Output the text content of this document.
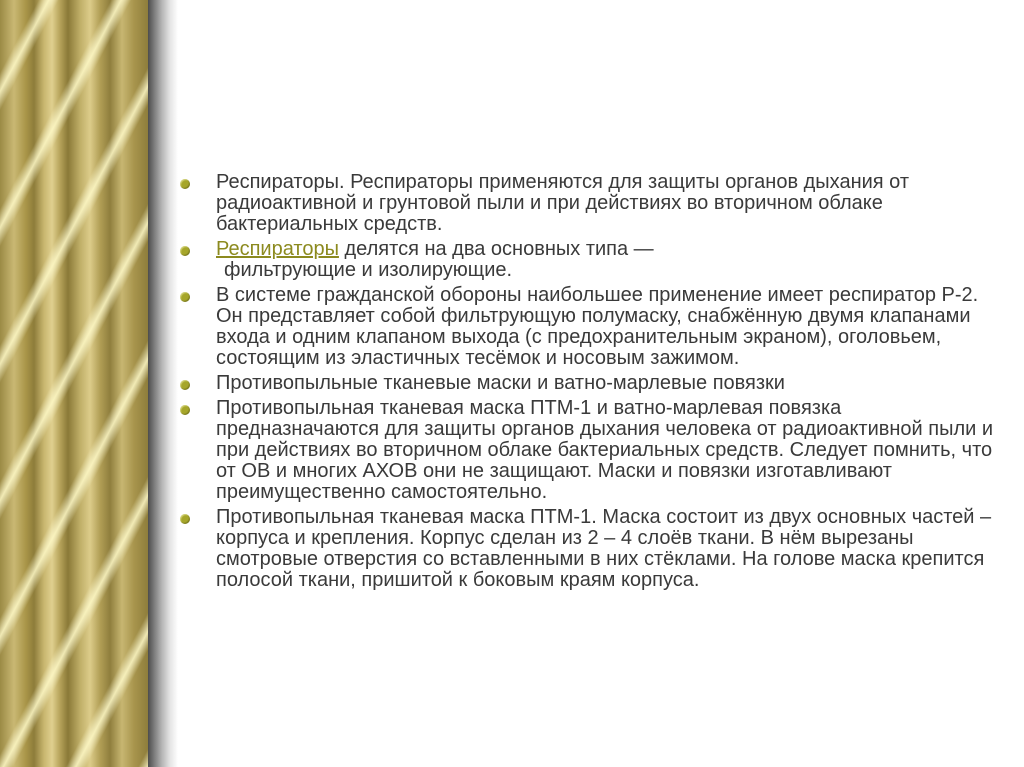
Респираторы. Респираторы применяются для защиты органов дыхания от радиоактивной и грунтовой пыли и при действиях во вторичном облаке бактериальных средств.
Респираторы делятся на два основных типа —
фильтрующие и изолирующие.
В системе гражданской обороны наибольшее применение имеет респиратор Р-2. Он представляет собой фильтрующую полумаску, снабжённую двумя клапанами входа и одним клапаном выхода (с предохранительным экраном), оголовьем, состоящим из эластичных тесёмок и носовым зажимом.
Противопыльные тканевые маски и ватно-марлевые повязки
Противопыльная тканевая маска ПТМ-1 и ватно-марлевая повязка предназначаются для защиты органов дыхания человека от радиоактивной пыли и при действиях во вторичном облаке бактериальных средств. Следует помнить, что от ОВ и многих АХОВ они не защищают. Маски и повязки изготавливают преимущественно самостоятельно.
Противопыльная тканевая маска ПТМ-1. Маска состоит из двух основных частей – корпуса и крепления. Корпус сделан из 2 – 4 слоёв ткани. В нём вырезаны смотровые отверстия со вставленными в них стёклами. На голове маска крепится полосой ткани, пришитой к боковым краям корпуса.
